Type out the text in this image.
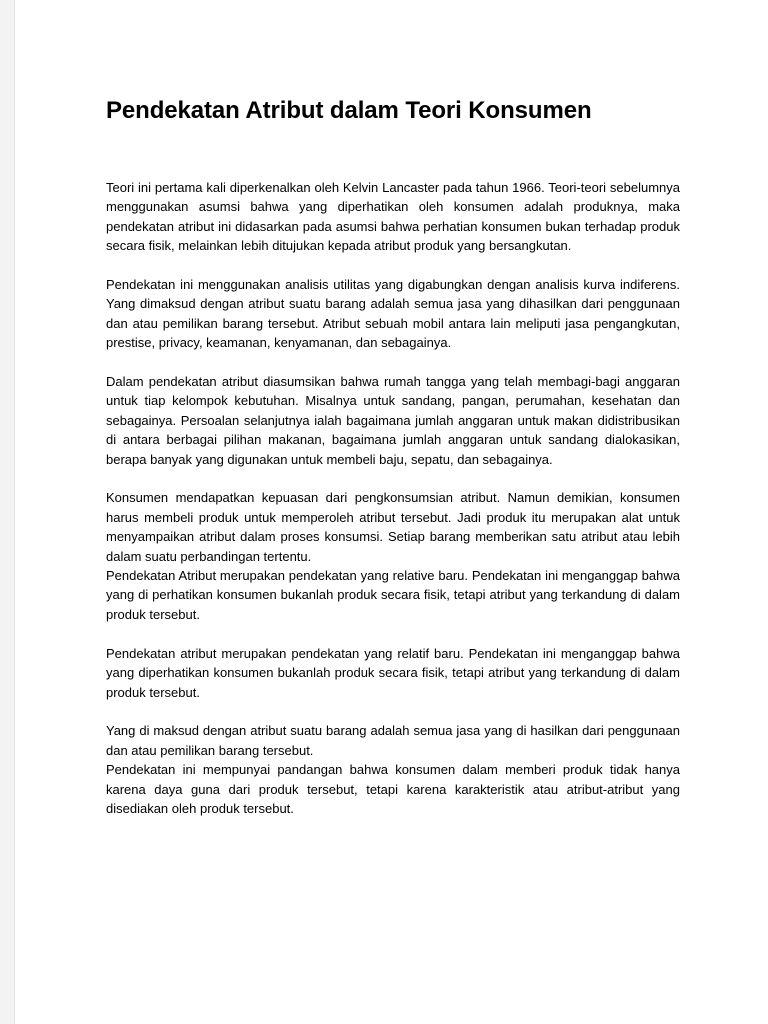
Pendekatan Atribut dalam Teori Konsumen

Teori ini pertama kali diperkenalkan oleh Kelvin Lancaster pada tahun 1966. Teori-teori sebelumnya menggunakan asumsi bahwa yang diperhatikan oleh konsumen adalah produknya, maka pendekatan atribut ini didasarkan pada asumsi bahwa perhatian konsumen bukan terhadap produk secara fisik, melainkan lebih ditujukan kepada atribut produk yang bersangkutan.

Pendekatan ini menggunakan analisis utilitas yang digabungkan dengan analisis kurva indiferens. Yang dimaksud dengan atribut suatu barang adalah semua jasa yang dihasilkan dari penggunaan dan atau pemilikan barang tersebut. Atribut sebuah mobil antara lain meliputi jasa pengangkutan, prestise, privacy, keamanan, kenyamanan, dan sebagainya.

Dalam pendekatan atribut diasumsikan bahwa rumah tangga yang telah membagi-bagi anggaran untuk tiap kelompok kebutuhan. Misalnya untuk sandang, pangan, perumahan, kesehatan dan sebagainya. Persoalan selanjutnya ialah bagaimana jumlah anggaran untuk makan didistribusikan di antara berbagai pilihan makanan, bagaimana jumlah anggaran untuk sandang dialokasikan, berapa banyak yang digunakan untuk membeli baju, sepatu, dan sebagainya.

Konsumen mendapatkan kepuasan dari pengkonsumsian atribut. Namun demikian, konsumen harus membeli produk untuk memperoleh atribut tersebut. Jadi produk itu merupakan alat untuk menyampaikan atribut dalam proses konsumsi. Setiap barang memberikan satu atribut atau lebih dalam suatu perbandingan tertentu.

Pendekatan Atribut merupakan pendekatan yang relative baru. Pendekatan ini menganggap bahwa yang di perhatikan konsumen bukanlah produk secara fisik, tetapi atribut yang terkandung di dalam produk tersebut.

Pendekatan atribut merupakan pendekatan yang relatif baru. Pendekatan ini menganggap bahwa yang diperhatikan konsumen bukanlah produk secara fisik, tetapi atribut yang terkandung di dalam produk tersebut.

Yang di maksud dengan atribut suatu barang adalah semua jasa yang di hasilkan dari penggunaan dan atau pemilikan barang tersebut.

Pendekatan ini mempunyai pandangan bahwa konsumen dalam memberi produk tidak hanya karena daya guna dari produk tersebut, tetapi karena karakteristik atau atribut-atribut yang disediakan oleh produk tersebut.
